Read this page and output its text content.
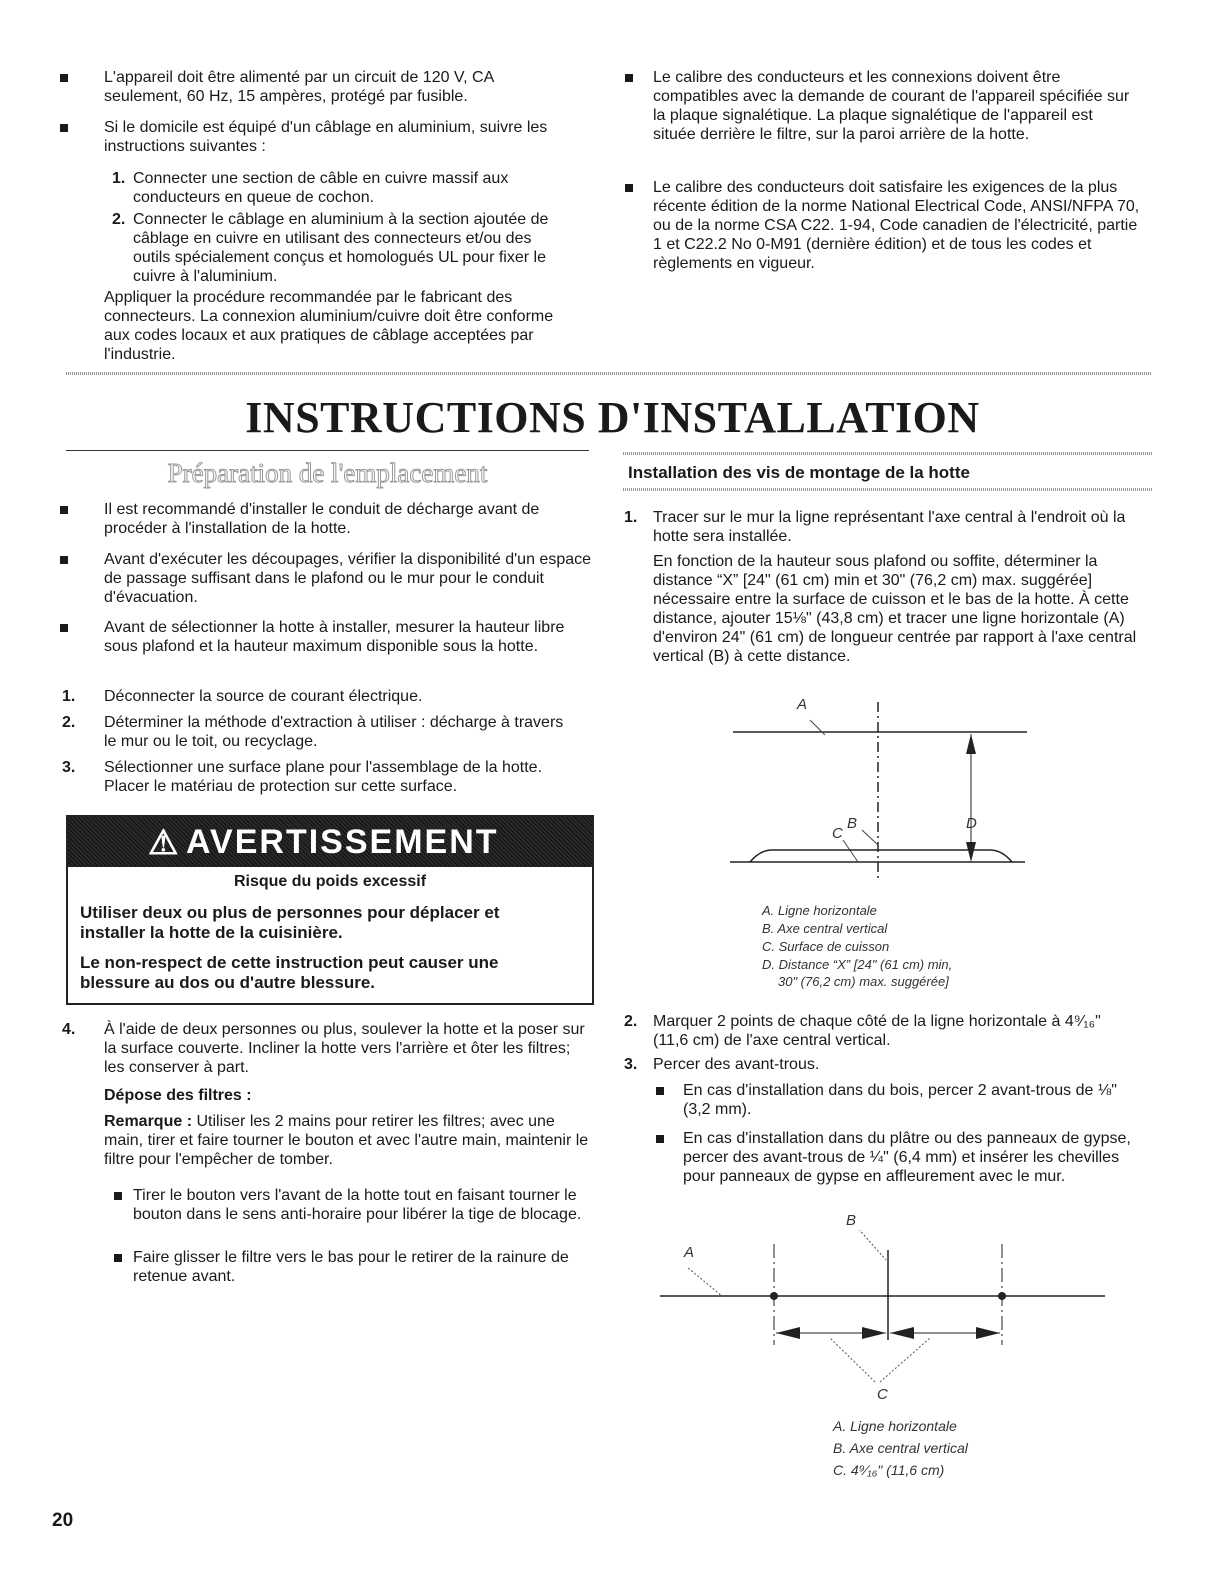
L'appareil doit être alimenté par un circuit de 120 V, CA seulement, 60 Hz, 15 ampères, protégé par fusible.

Si le domicile est équipé d'un câblage en aluminium, suivre les instructions suivantes :

1. Connecter une section de câble en cuivre massif aux conducteurs en queue de cochon.

2. Connecter le câblage en aluminium à la section ajoutée de câblage en cuivre en utilisant des connecteurs et/ou des outils spécialement conçus et homologués UL pour fixer le cuivre à l'aluminium.

Appliquer la procédure recommandée par le fabricant des connecteurs. La connexion aluminium/cuivre doit être conforme aux codes locaux et aux pratiques de câblage acceptées par l'industrie.

Le calibre des conducteurs et les connexions doivent être compatibles avec la demande de courant de l'appareil spécifiée sur la plaque signalétique. La plaque signalétique de l'appareil est située derrière le filtre, sur la paroi arrière de la hotte.

Le calibre des conducteurs doit satisfaire les exigences de la plus récente édition de la norme National Electrical Code, ANSI/NFPA 70, ou de la norme CSA C22. 1-94, Code canadien de l'électricité, partie 1 et C22.2 No 0-M91 (dernière édition) et de tous les codes et règlements en vigueur.

INSTRUCTIONS D'INSTALLATION
Préparation de l'emplacement

Il est recommandé d'installer le conduit de décharge avant de procéder à l'installation de la hotte.

Avant d'exécuter les découpages, vérifier la disponibilité d'un espace de passage suffisant dans le plafond ou le mur pour le conduit d'évacuation.

Avant de sélectionner la hotte à installer, mesurer la hauteur libre sous plafond et la hauteur maximum disponible sous la hotte.

1. Déconnecter la source de courant électrique.

2. Déterminer la méthode d'extraction à utiliser : décharge à travers le mur ou le toit, ou recyclage.

3. Sélectionner une surface plane pour l'assemblage de la hotte. Placer le matériau de protection sur cette surface.

⚠ AVERTISSEMENT
Risque du poids excessif

Utiliser deux ou plus de personnes pour déplacer et installer la hotte de la cuisinière.

Le non-respect de cette instruction peut causer une blessure au dos ou d'autre blessure.

4. À l'aide de deux personnes ou plus, soulever la hotte et la poser sur la surface couverte. Incliner la hotte vers l'arrière et ôter les filtres; les conserver à part.

Dépose des filtres :

Remarque : Utiliser les 2 mains pour retirer les filtres; avec une main, tirer et faire tourner le bouton et avec l'autre main, maintenir le filtre pour l'empêcher de tomber.

Tirer le bouton vers l'avant de la hotte tout en faisant tourner le bouton dans le sens anti-horaire pour libérer la tige de blocage.

Faire glisser le filtre vers le bas pour le retirer de la rainure de retenue avant.

Installation des vis de montage de la hotte
1. Tracer sur le mur la ligne représentant l'axe central à l'endroit où la hotte sera installée.

En fonction de la hauteur sous plafond ou soffite, déterminer la distance “X” [24" (61 cm) min et 30" (76,2 cm) max. suggérée] nécessaire entre la surface de cuisson et le bas de la hotte. À cette distance, ajouter 15⅛" (43,8 cm) et tracer une ligne horizontale (A) d'environ 24" (61 cm) de longueur centrée par rapport à l'axe central vertical (B) à cette distance.

A
B
C
D
A. Ligne horizontale
B. Axe central vertical
C. Surface de cuisson
D. Distance “X” [24" (61 cm) min,
30" (76,2 cm) max. suggérée]
2. Marquer 2 points de chaque côté de la ligne horizontale à 4⁹⁄₁₆" (11,6 cm) de l'axe central vertical.

3. Percer des avant-trous.

En cas d'installation dans du bois, percer 2 avant-trous de ⅛" (3,2 mm).

En cas d'installation dans du plâtre ou des panneaux de gypse, percer des avant-trous de ¼" (6,4 mm) et insérer les chevilles pour panneaux de gypse en affleurement avec le mur.

A
B
C
A. Ligne horizontale
B. Axe central vertical
C. 4⁹⁄₁₆" (11,6 cm)
20
